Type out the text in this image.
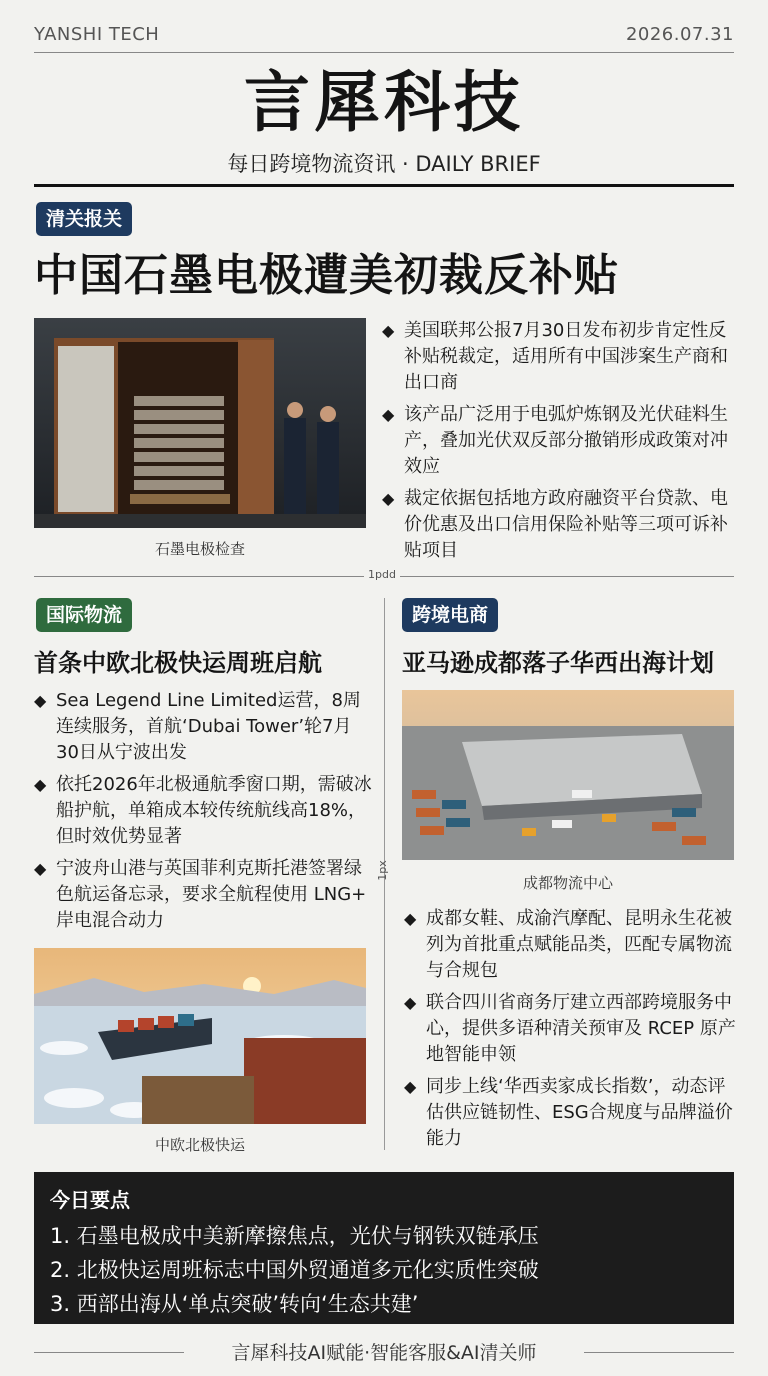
YANSHI TECH	2026.07.31
言犀科技
每日跨境物流资讯 · DAILY BRIEF
清关报关
中国石墨电极遭美初裁反补贴
石墨电极检查
◆ 美国联邦公报7月30日发布初步肯定性反补贴税裁定，适用所有中国涉案生产商和出口商
◆ 该产品广泛用于电弧炉炼钢及光伏硅料生产，叠加光伏双反部分撤销形成政策对冲效应
◆ 裁定依据包括地方政府融资平台贷款、电价优惠及出口信用保险补贴等三项可诉补贴项目
1pdd
国际物流
首条中欧北极快运周班启航
◆ Sea Legend Line Limited运营，8周连续服务，首航‘Dubai Tower’轮7月30日从宁波出发
◆ 依托2026年北极通航季窗口期，需破冰船护航，单箱成本较传统航线高18%，但时效优势显著
◆ 宁波舟山港与英国菲利克斯托港签署绿色航运备忘录，要求全航程使用 LNG+ 岸电混合动力
中欧北极快运
1px
跨境电商
亚马逊成都落子华西出海计划
成都物流中心
◆ 成都女鞋、成渝汽摩配、昆明永生花被列为首批重点赋能品类，匹配专属物流与合规包
◆ 联合四川省商务厅建立西部跨境服务中心，提供多语种清关预审及 RCEP 原产地智能申领
◆ 同步上线‘华西卖家成长指数’，动态评估供应链韧性、ESG合规度与品牌溢价能力
今日要点
1. 石墨电极成中美新摩擦焦点，光伏与钢铁双链承压
2. 北极快运周班标志中国外贸通道多元化实质性突破
3. 西部出海从‘单点突破’转向‘生态共建’
言犀科技AI赋能·智能客服&AI清关师
